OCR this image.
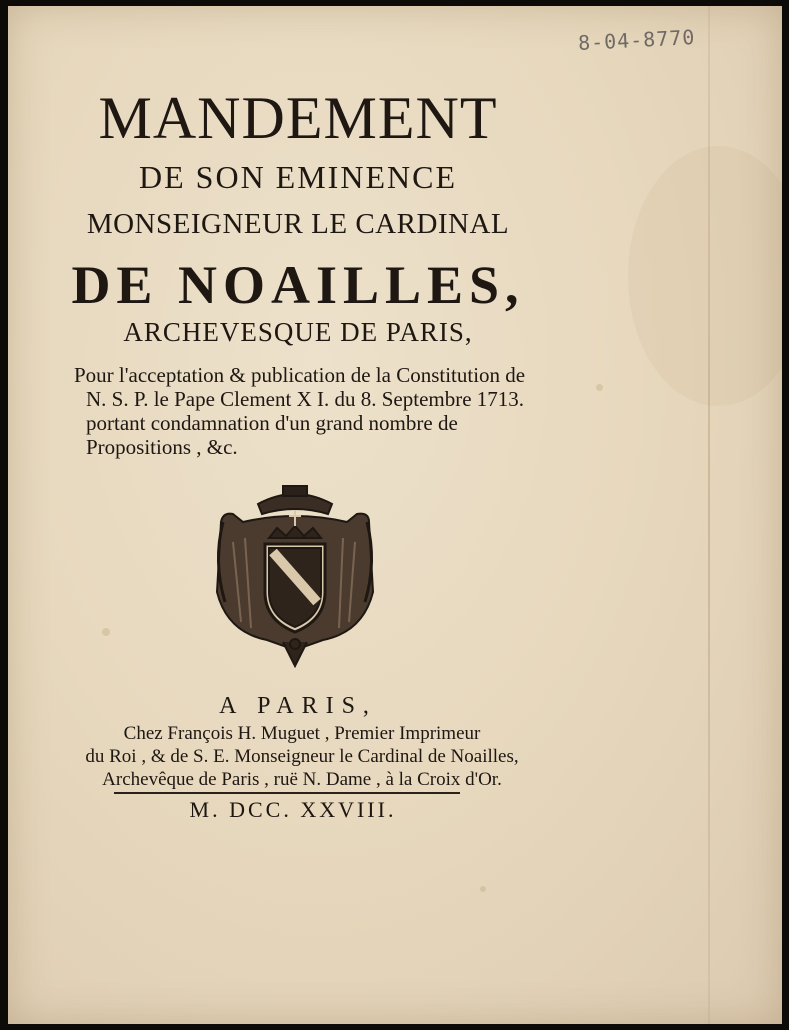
8-04-8770
MANDEMENT
DE SON EMINENCE
MONSEIGNEUR LE CARDINAL
DE NOAILLES,
ARCHEVESQUE DE PARIS,
Pour l'acceptation & publication de la Constitution de
N. S. P. le Pape Clement X I. du 8. Septembre 1713.
portant condamnation d'un grand nombre de
Propositions , &c.
A PARIS,
Chez François H. Muguet , Premier Imprimeur
du Roi , & de S. E. Monseigneur le Cardinal de Noailles,
Archevêque de Paris , ruë N. Dame , à la Croix d'Or.
M. DCC. XXVIII.
